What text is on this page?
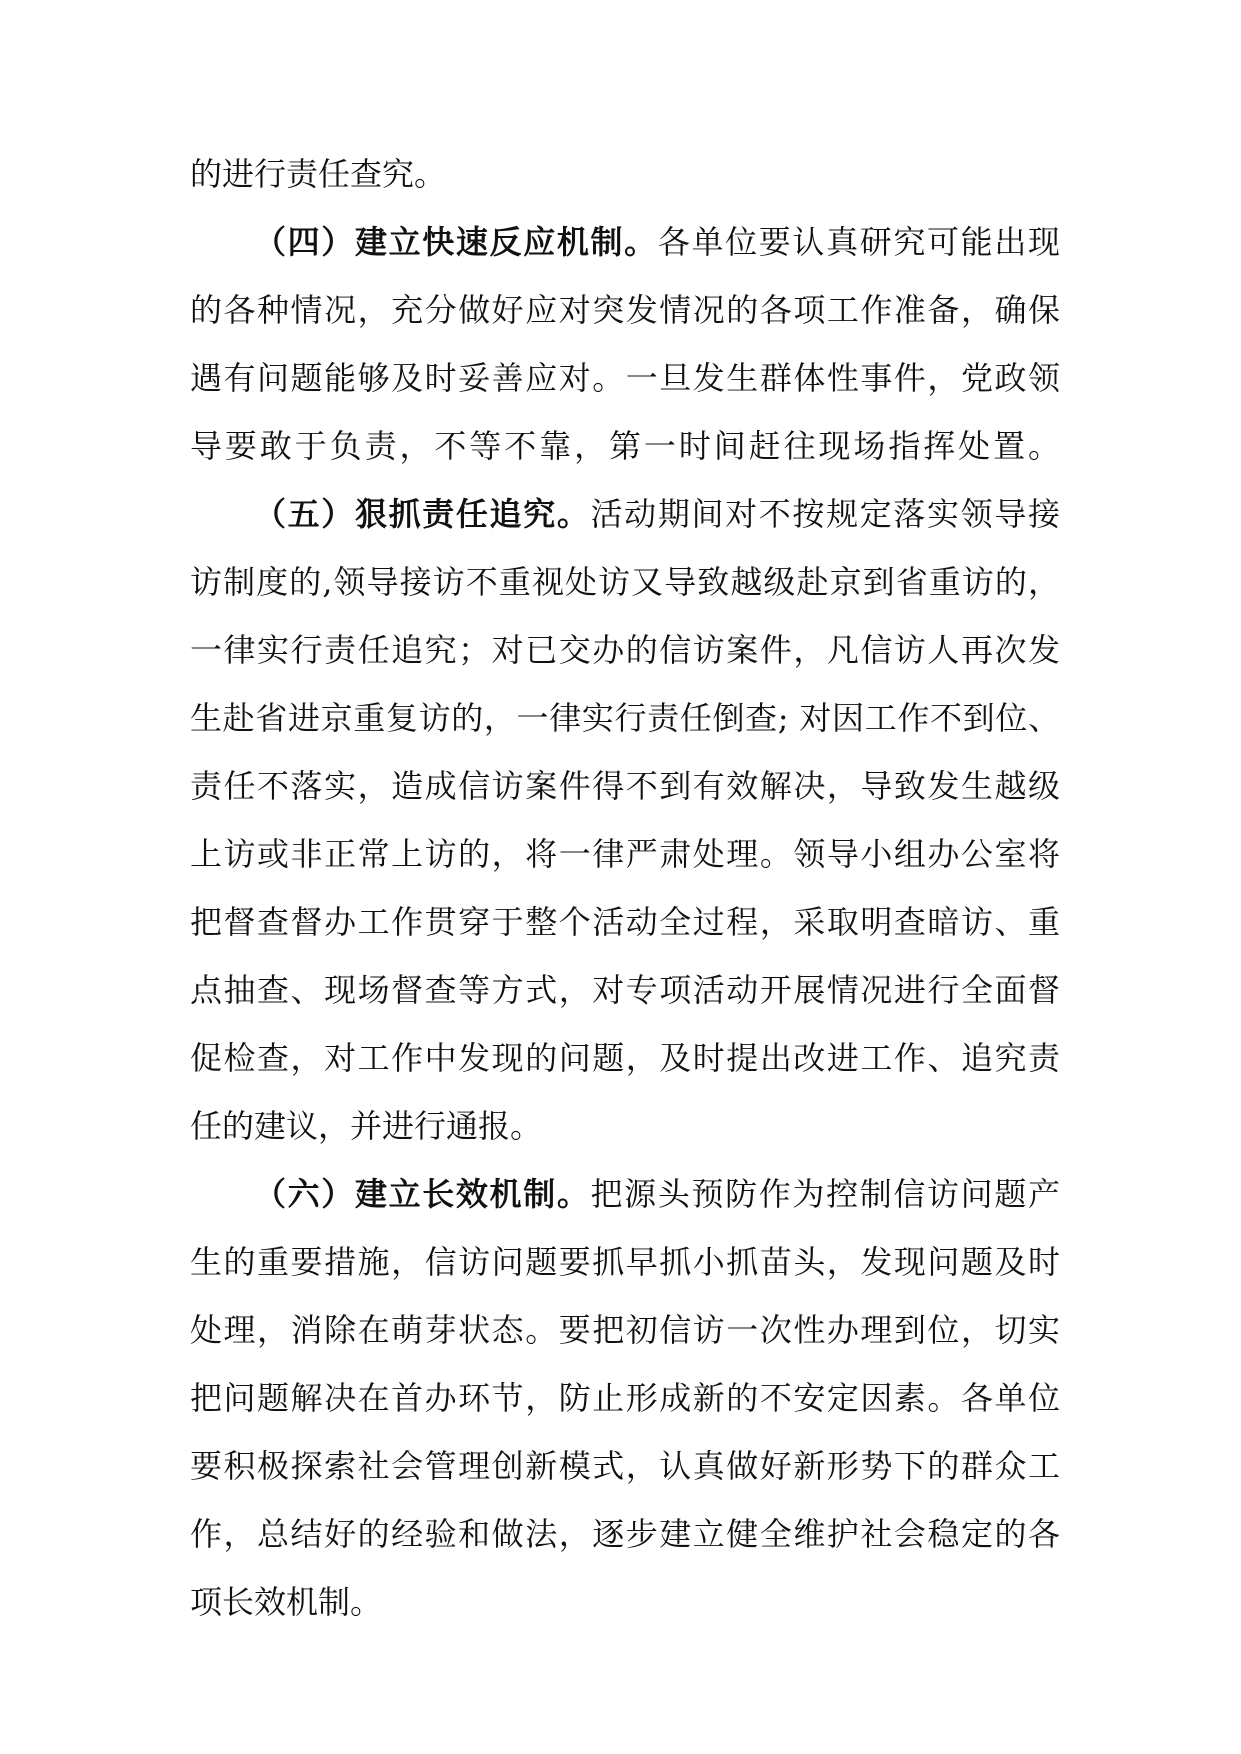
的进行责任查究。
（四）建立快速反应机制。各单位要认真研究可能出现
的各种情况，充分做好应对突发情况的各项工作准备，确保
遇有问题能够及时妥善应对。一旦发生群体性事件，党政领
导要敢于负责，不等不靠，第一时间赶往现场指挥处置。
（五）狠抓责任追究。活动期间对不按规定落实领导接
访制度的,领导接访不重视处访又导致越级赴京到省重访的，
一律实行责任追究；对已交办的信访案件，凡信访人再次发
生赴省进京重复访的，一律实行责任倒查; 对因工作不到位、
责任不落实，造成信访案件得不到有效解决，导致发生越级
上访或非正常上访的，将一律严肃处理。领导小组办公室将
把督查督办工作贯穿于整个活动全过程，采取明查暗访、重
点抽查、现场督查等方式，对专项活动开展情况进行全面督
促检查，对工作中发现的问题，及时提出改进工作、追究责
任的建议，并进行通报。
（六）建立长效机制。把源头预防作为控制信访问题产
生的重要措施，信访问题要抓早抓小抓苗头，发现问题及时
处理，消除在萌芽状态。要把初信访一次性办理到位，切实
把问题解决在首办环节，防止形成新的不安定因素。各单位
要积极探索社会管理创新模式，认真做好新形势下的群众工
作，总结好的经验和做法，逐步建立健全维护社会稳定的各
项长效机制。
